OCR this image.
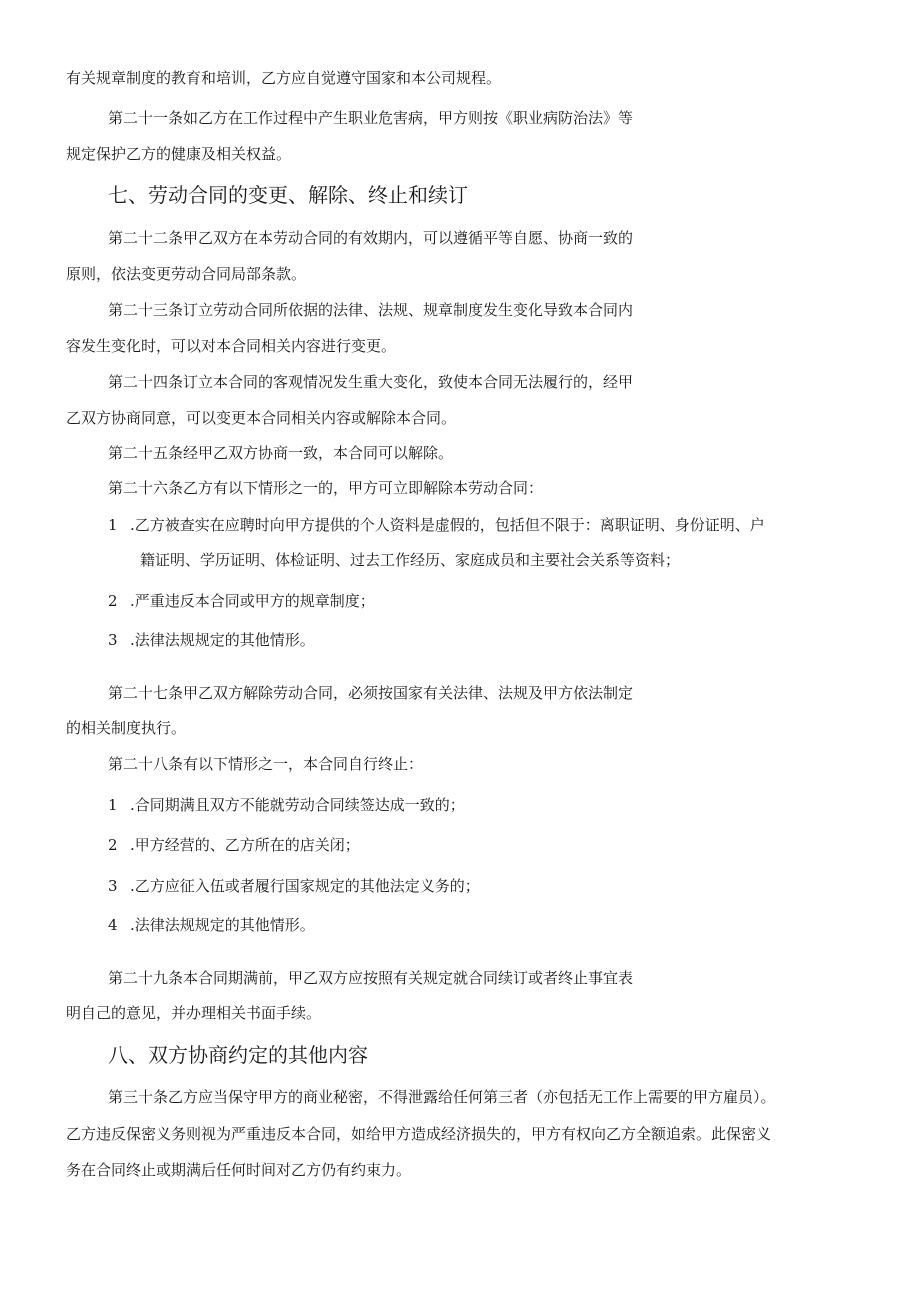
有关规章制度的教育和培训，乙方应自觉遵守国家和本公司规程。
第二十一条如乙方在工作过程中产生职业危害病，甲方则按《职业病防治法》等
规定保护乙方的健康及相关权益。
七、劳动合同的变更、解除、终止和续订
第二十二条甲乙双方在本劳动合同的有效期内，可以遵循平等自愿、协商一致的
原则，依法变更劳动合同局部条款。
第二十三条订立劳动合同所依据的法律、法规、规章制度发生变化导致本合同内
容发生变化时，可以对本合同相关内容进行变更。
第二十四条订立本合同的客观情况发生重大变化，致使本合同无法履行的，经甲
乙双方协商同意，可以变更本合同相关内容或解除本合同。
第二十五条经甲乙双方协商一致，本合同可以解除。
第二十六条乙方有以下情形之一的，甲方可立即解除本劳动合同：
1 .乙方被查实在应聘时向甲方提供的个人资料是虚假的，包括但不限于：离职证明、身份证明、户
籍证明、学历证明、体检证明、过去工作经历、家庭成员和主要社会关系等资料；
2 .严重违反本合同或甲方的规章制度；
3 .法律法规规定的其他情形。
第二十七条甲乙双方解除劳动合同，必须按国家有关法律、法规及甲方依法制定
的相关制度执行。
第二十八条有以下情形之一，本合同自行终止：
1 .合同期满且双方不能就劳动合同续签达成一致的；
2 .甲方经营的、乙方所在的店关闭；
3 .乙方应征入伍或者履行国家规定的其他法定义务的；
4 .法律法规规定的其他情形。
第二十九条本合同期满前，甲乙双方应按照有关规定就合同续订或者终止事宜表
明自己的意见，并办理相关书面手续。
八、双方协商约定的其他内容
第三十条乙方应当保守甲方的商业秘密，不得泄露给任何第三者（亦包括无工作上需要的甲方雇员）。
乙方违反保密义务则视为严重违反本合同，如给甲方造成经济损失的，甲方有权向乙方全额追索。此保密义
务在合同终止或期满后任何时间对乙方仍有约束力。
